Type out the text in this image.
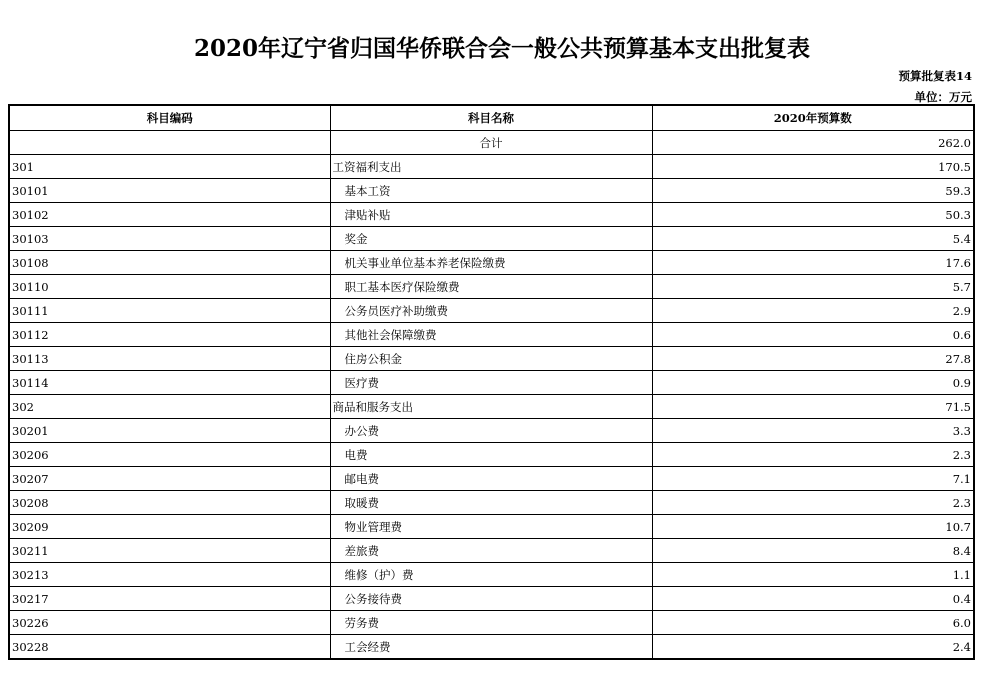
2020年辽宁省归国华侨联合会一般公共预算基本支出批复表
预算批复表14
单位：万元
科目编码	科目名称	2020年预算数
	合计	262.0
301	工资福利支出	170.5
30101	基本工资	59.3
30102	津贴补贴	50.3
30103	奖金	5.4
30108	机关事业单位基本养老保险缴费	17.6
30110	职工基本医疗保险缴费	5.7
30111	公务员医疗补助缴费	2.9
30112	其他社会保障缴费	0.6
30113	住房公积金	27.8
30114	医疗费	0.9
302	商品和服务支出	71.5
30201	办公费	3.3
30206	电费	2.3
30207	邮电费	7.1
30208	取暖费	2.3
30209	物业管理费	10.7
30211	差旅费	8.4
30213	维修（护）费	1.1
30217	公务接待费	0.4
30226	劳务费	6.0
30228	工会经费	2.4
